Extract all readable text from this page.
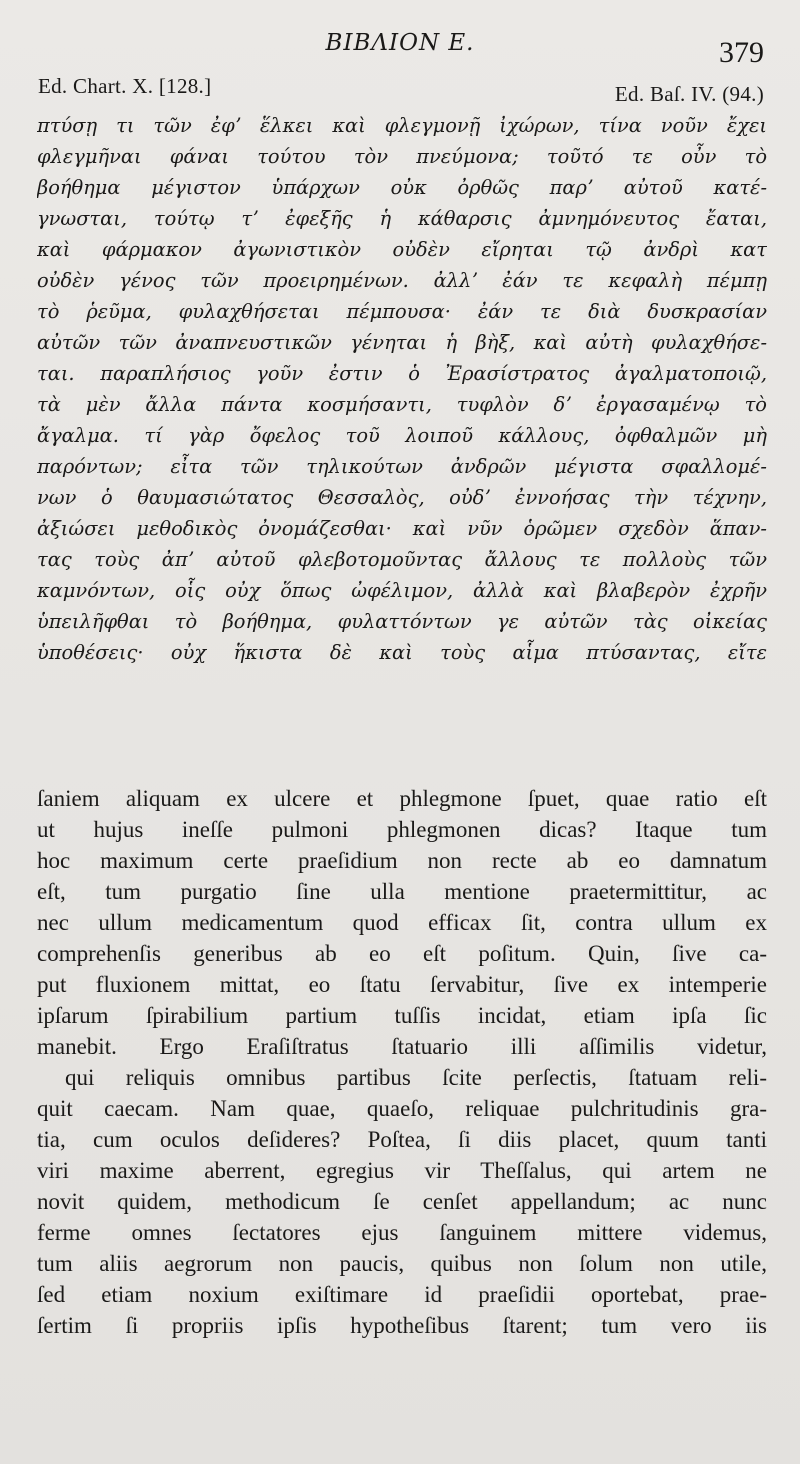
ΒΙΒΛΙΟΝ Ε.	379
Ed. Chart. X. [128.]	Ed. Baſ. IV. (94.)
πτύσῃ τι τῶν ἐφʼ ἕλκει καὶ φλεγμονῇ ἰχώρων, τίνα νοῦν ἔχει
φλεγμῆναι φάναι τούτου τὸν πνεύμονα; τοῦτό τε οὖν τὸ
βοήθημα μέγιστον ὑπάρχων οὐκ ὀρθῶς παρʼ αὐτοῦ κατέ-
γνωσται, τούτῳ τʼ ἐφεξῆς ἡ κάθαρσις ἀμνημόνευτος ἔαται,
καὶ φάρμακον ἀγωνιστικὸν οὐδὲν εἴρηται τῷ ἀνδρὶ κατ
οὐδὲν γένος τῶν προειρημένων. ἀλλʼ ἐάν τε κεφαλὴ πέμπῃ
τὸ ῥεῦμα, φυλαχθήσεται πέμπουσα· ἐάν τε διὰ δυσκρασίαν
αὐτῶν τῶν ἀναπνευστικῶν γένηται ἡ βὴξ, καὶ αὐτὴ φυλαχθήσε-
ται. παραπλήσιος γοῦν ἐστιν ὁ Ἐρασίστρατος ἀγαλματοποιῷ,
τὰ μὲν ἄλλα πάντα κοσμήσαντι, τυφλὸν δʼ ἐργασαμένῳ τὸ
ἄγαλμα. τί γὰρ ὄφελος τοῦ λοιποῦ κάλλους, ὀφθαλμῶν μὴ
παρόντων; εἶτα τῶν τηλικούτων ἀνδρῶν μέγιστα σφαλλομέ-
νων ὁ θαυμασιώτατος Θεσσαλὸς, οὐδʼ ἐννοήσας τὴν τέχνην,
ἀξιώσει μεθοδικὸς ὀνομάζεσθαι· καὶ νῦν ὁρῶμεν σχεδὸν ἅπαν-
τας τοὺς ἀπʼ αὐτοῦ φλεβοτομοῦντας ἄλλους τε πολλοὺς τῶν
καμνόντων, οἷς οὐχ ὅπως ὠφέλιμον, ἀλλὰ καὶ βλαβερὸν ἐχρῆν
ὑπειλῆφθαι τὸ βοήθημα, φυλαττόντων γε αὐτῶν τὰς οἰκείας
ὑποθέσεις· οὐχ ἥκιστα δὲ καὶ τοὺς αἷμα πτύσαντας, εἴτε
ſaniem aliquam ex ulcere et phlegmone ſpuet, quae ratio eſt
ut hujus ineſſe pulmoni phlegmonen dicas? Itaque tum
hoc maximum certe praeſidium non recte ab eo damnatum
eſt, tum purgatio ſine ulla mentione praetermittitur, ac
nec ullum medicamentum quod efficax ſit, contra ullum ex
comprehenſis generibus ab eo eſt poſitum. Quin, ſive ca-
put fluxionem mittat, eo ſtatu ſervabitur, ſive ex intemperie
ipſarum ſpirabilium partium tuſſis incidat, etiam ipſa ſic
manebit. Ergo Eraſiſtratus ſtatuario illi aſſimilis videtur,
qui reliquis omnibus partibus ſcite perſectis, ſtatuam reli-
quit caecam. Nam quae, quaeſo, reliquae pulchritudinis gra-
tia, cum oculos deſideres? Poſtea, ſi diis placet, quum tanti
viri maxime aberrent, egregius vir Theſſalus, qui artem ne
novit quidem, methodicum ſe cenſet appellandum; ac nunc
ferme omnes ſectatores ejus ſanguinem mittere videmus,
tum aliis aegrorum non paucis, quibus non ſolum non utile,
ſed etiam noxium exiſtimare id praeſidii oportebat, prae-
ſertim ſi propriis ipſis hypotheſibus ſtarent; tum vero iis
